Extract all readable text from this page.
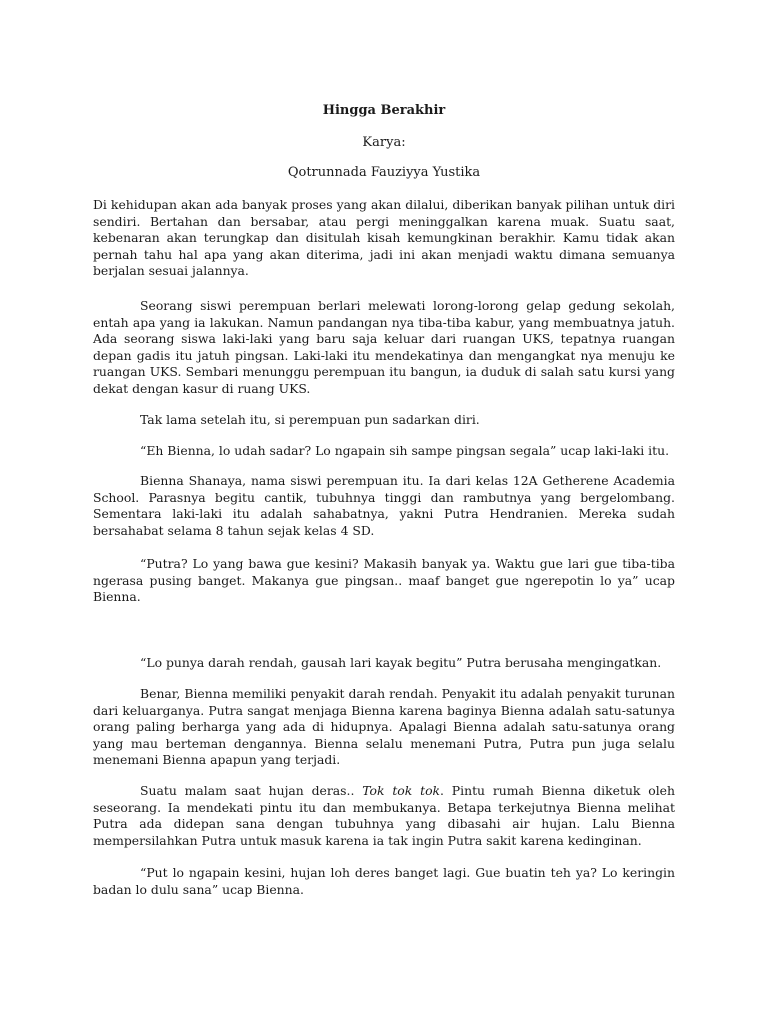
Hingga Berakhir

Karya:

Qotrunnada Fauziyya Yustika

Di kehidupan akan ada banyak proses yang akan dilalui, diberikan banyak pilihan untuk diri sendiri. Bertahan dan bersabar, atau pergi meninggalkan karena muak. Suatu saat, kebenaran akan terungkap dan disitulah kisah kemungkinan berakhir. Kamu tidak akan pernah tahu hal apa yang akan diterima, jadi ini akan menjadi waktu dimana semuanya berjalan sesuai jalannya.

Seorang siswi perempuan berlari melewati lorong-lorong gelap gedung sekolah, entah apa yang ia lakukan. Namun pandangan nya tiba-tiba kabur, yang membuatnya jatuh. Ada seorang siswa laki-laki yang baru saja keluar dari ruangan UKS, tepatnya ruangan depan gadis itu jatuh pingsan. Laki-laki itu mendekatinya dan mengangkat nya menuju ke ruangan UKS. Sembari menunggu perempuan itu bangun, ia duduk di salah satu kursi yang dekat dengan kasur di ruang UKS.

Tak lama setelah itu, si perempuan pun sadarkan diri.

“Eh Bienna, lo udah sadar? Lo ngapain sih sampe pingsan segala” ucap laki-laki itu.

Bienna Shanaya, nama siswi perempuan itu. Ia dari kelas 12A Getherene Academia School. Parasnya begitu cantik, tubuhnya tinggi dan rambutnya yang bergelombang. Sementara laki-laki itu adalah sahabatnya, yakni Putra Hendranien. Mereka sudah bersahabat selama 8 tahun sejak kelas 4 SD.

“Putra? Lo yang bawa gue kesini? Makasih banyak ya. Waktu gue lari gue tiba-tiba ngerasa pusing banget. Makanya gue pingsan.. maaf banget gue ngerepotin lo ya” ucap Bienna.

“Lo punya darah rendah, gausah lari kayak begitu” Putra berusaha mengingatkan.

Benar, Bienna memiliki penyakit darah rendah. Penyakit itu adalah penyakit turunan dari keluarganya. Putra sangat menjaga Bienna karena baginya Bienna adalah satu-satunya orang paling berharga yang ada di hidupnya. Apalagi Bienna adalah satu-satunya orang yang mau berteman dengannya. Bienna selalu menemani Putra, Putra pun juga selalu menemani Bienna apapun yang terjadi.

Suatu malam saat hujan deras.. Tok tok tok. Pintu rumah Bienna diketuk oleh seseorang. Ia mendekati pintu itu dan membukanya. Betapa terkejutnya Bienna melihat Putra ada didepan sana dengan tubuhnya yang dibasahi air hujan. Lalu Bienna mempersilahkan Putra untuk masuk karena ia tak ingin Putra sakit karena kedinginan.

“Put lo ngapain kesini, hujan loh deres banget lagi. Gue buatin teh ya? Lo keringin badan lo dulu sana” ucap Bienna.
